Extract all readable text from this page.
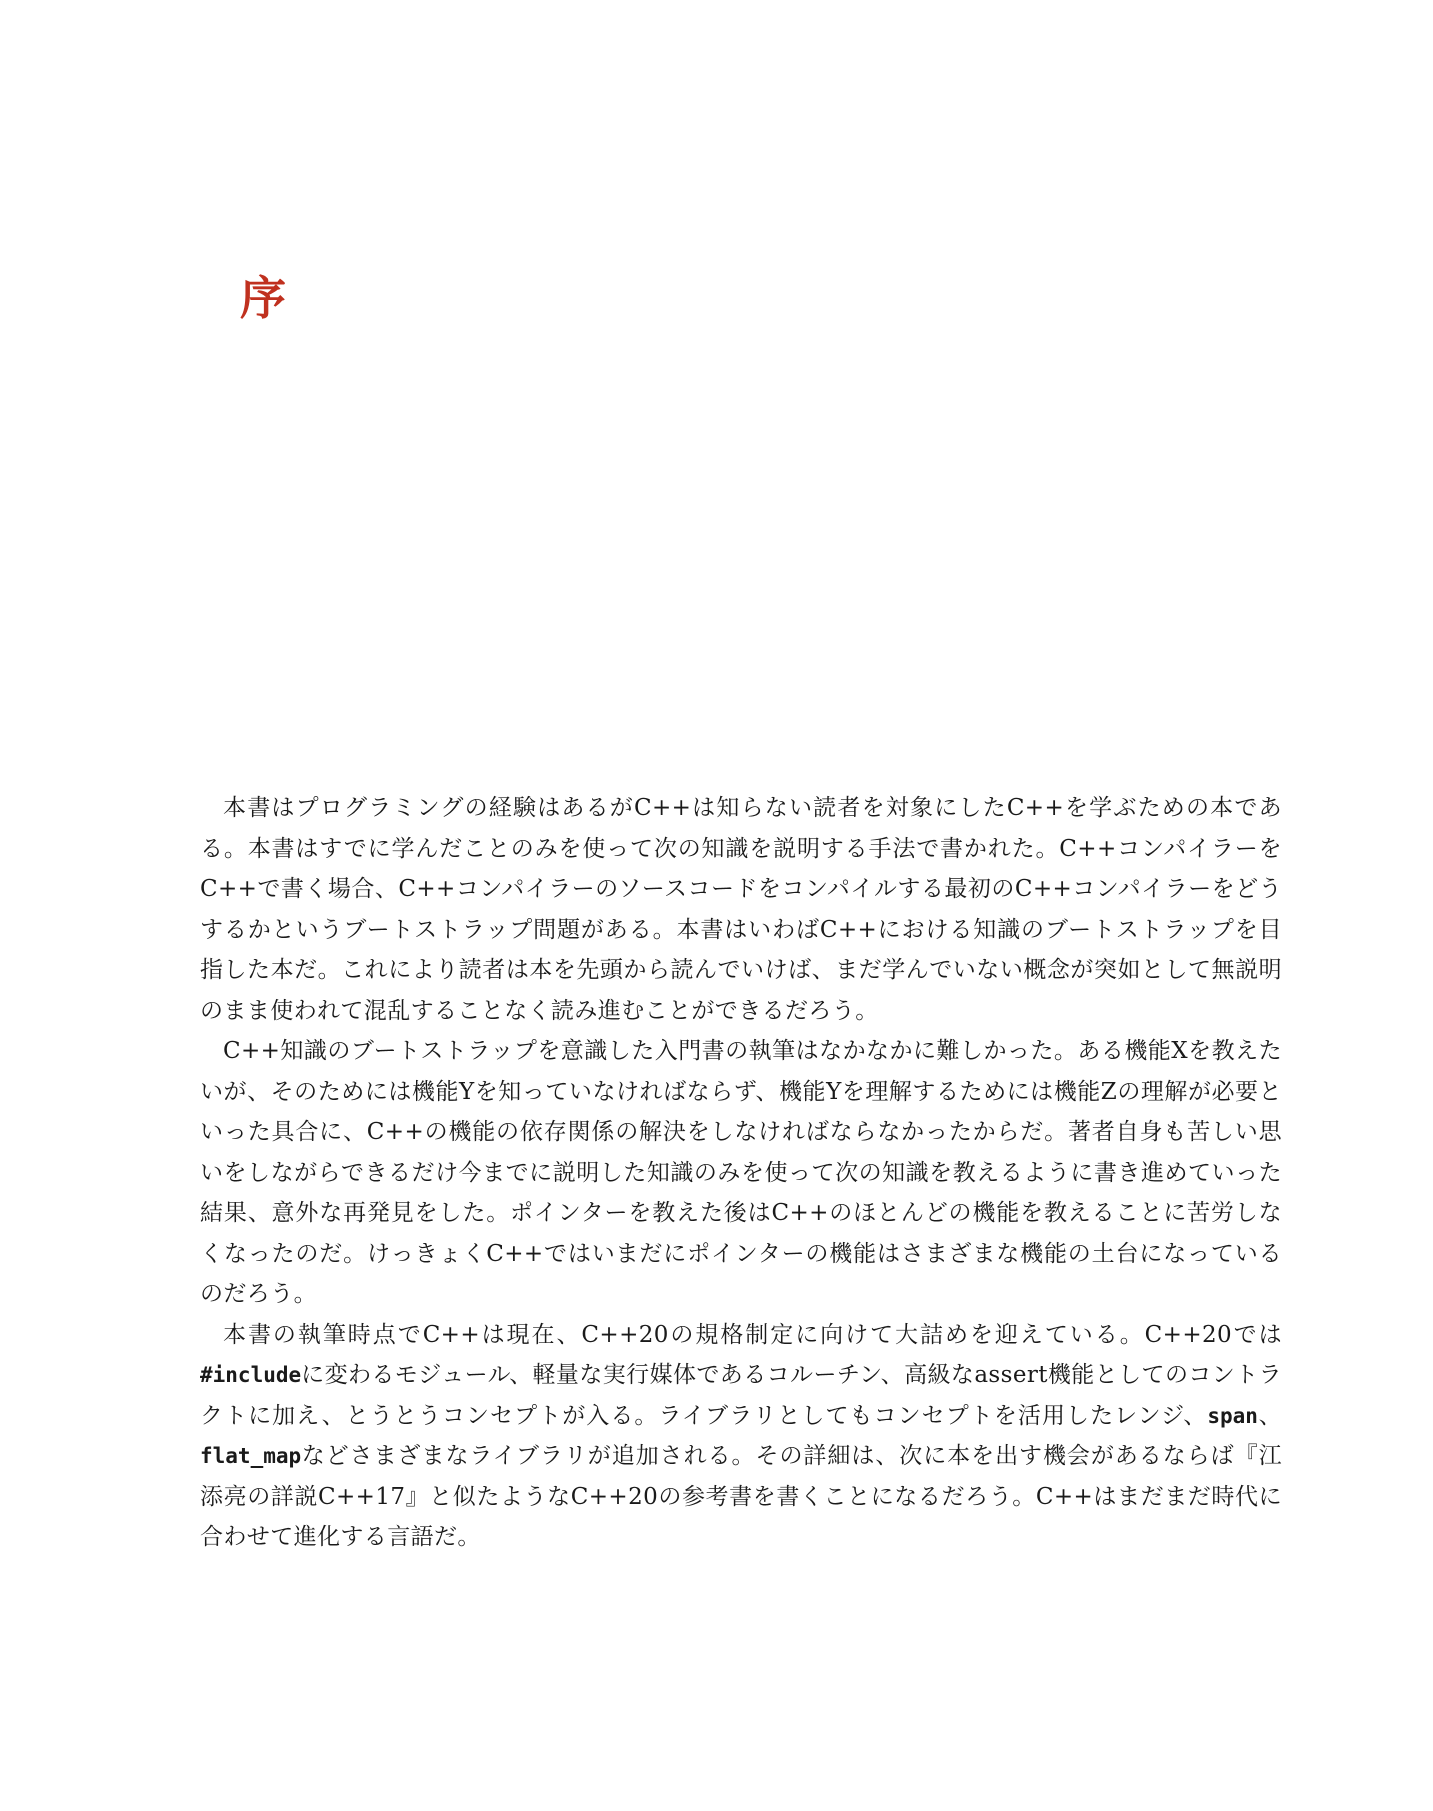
序

本書はプログラミングの経験はあるがC++は知らない読者を対象にしたC++を学ぶための本である。本書はすでに学んだことのみを使って次の知識を説明する手法で書かれた。C++コンパイラーをC++で書く場合、C++コンパイラーのソースコードをコンパイルする最初のC++コンパイラーをどうするかというブートストラップ問題がある。本書はいわばC++における知識のブートストラップを目指した本だ。これにより読者は本を先頭から読んでいけば、まだ学んでいない概念が突如として無説明のまま使われて混乱することなく読み進むことができるだろう。

C++知識のブートストラップを意識した入門書の執筆はなかなかに難しかった。ある機能Xを教えたいが、そのためには機能Yを知っていなければならず、機能Yを理解するためには機能Zの理解が必要といった具合に、C++の機能の依存関係の解決をしなければならなかったからだ。著者自身も苦しい思いをしながらできるだけ今までに説明した知識のみを使って次の知識を教えるように書き進めていった結果、意外な再発見をした。ポインターを教えた後はC++のほとんどの機能を教えることに苦労しなくなったのだ。けっきょくC++ではいまだにポインターの機能はさまざまな機能の土台になっているのだろう。

本書の執筆時点でC++は現在、C++20の規格制定に向けて大詰めを迎えている。C++20では#includeに変わるモジュール、軽量な実行媒体であるコルーチン、高級なassert機能としてのコントラクトに加え、とうとうコンセプトが入る。ライブラリとしてもコンセプトを活用したレンジ、span、flat_mapなどさまざまなライブラリが追加される。その詳細は、次に本を出す機会があるならば『江添亮の詳説C++17』と似たようなC++20の参考書を書くことになるだろう。C++はまだまだ時代に合わせて進化する言語だ。
